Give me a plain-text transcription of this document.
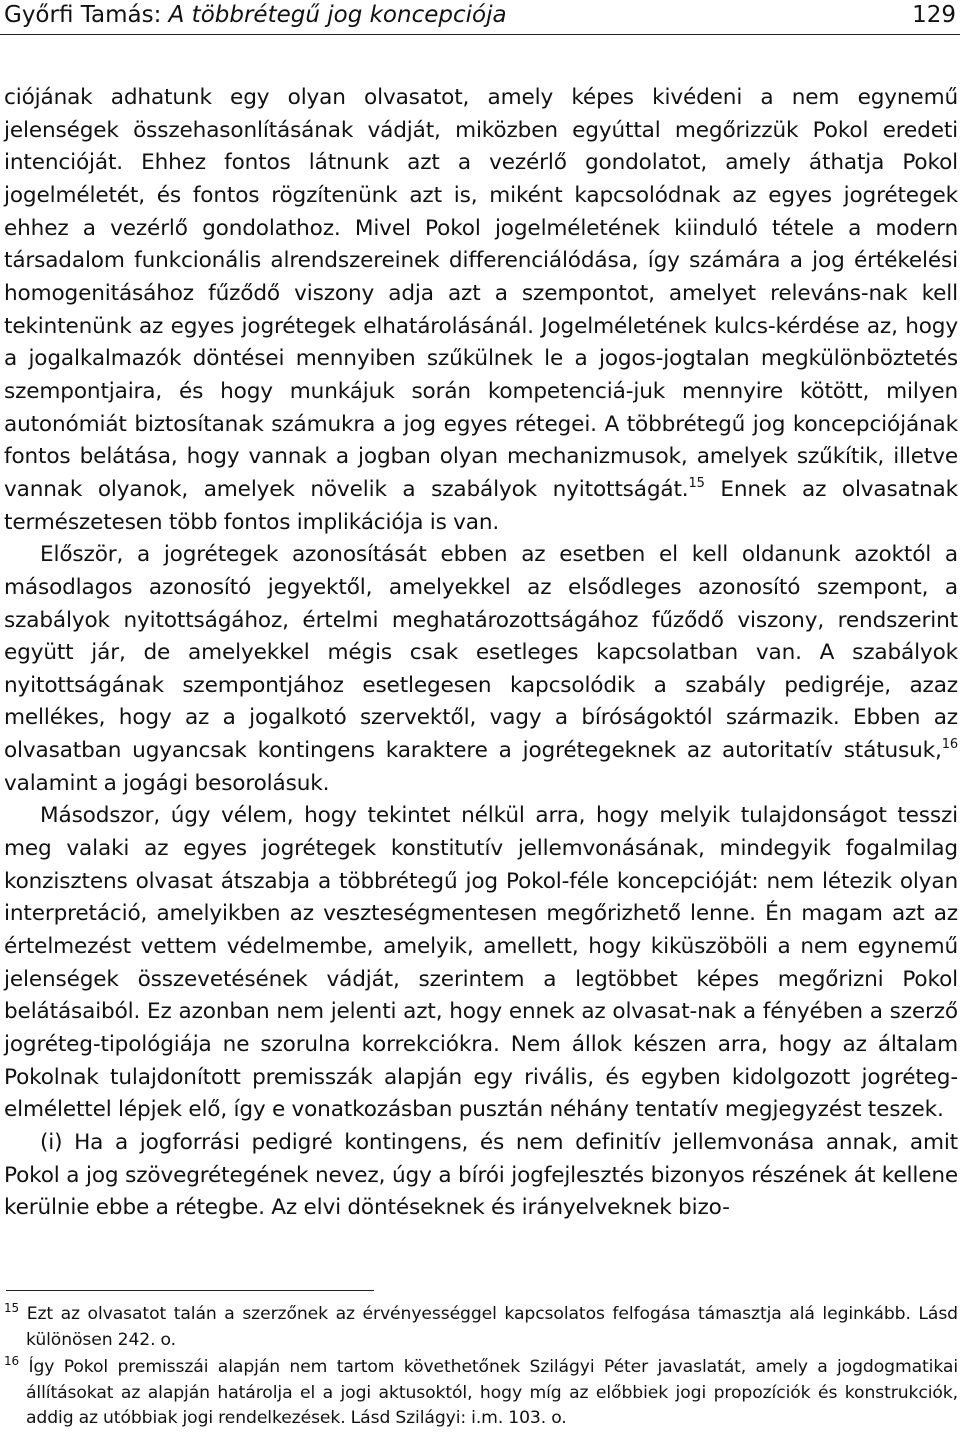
Győrfi Tamás: A többrétegű jog koncepciója	129

ciójának adhatunk egy olyan olvasatot, amely képes kivédeni a nem egynemű jelenségek összehasonlításának vádját, miközben egyúttal megőrizzük Pokol eredeti intencióját. Ehhez fontos látnunk azt a vezérlő gondolatot, amely áthatja Pokol jogelméletét, és fontos rögzítenünk azt is, miként kapcsolódnak az egyes jogrétegek ehhez a vezérlő gondolathoz. Mivel Pokol jogelméletének kiinduló tétele a modern társadalom funkcionális alrendszereinek differenciálódása, így számára a jog értékelési homogenitásához fűződő viszony adja azt a szempontot, amelyet releváns-nak kell tekintenünk az egyes jogrétegek elhatárolásánál. Jogelméletének kulcs-kérdése az, hogy a jogalkalmazók döntései mennyiben szűkülnek le a jogos-jogtalan megkülönböztetés szempontjaira, és hogy munkájuk során kompetenciá-juk mennyire kötött, milyen autonómiát biztosítanak számukra a jog egyes rétegei. A többrétegű jog koncepciójának fontos belátása, hogy vannak a jogban olyan mechanizmusok, amelyek szűkítik, illetve vannak olyanok, amelyek növelik a szabályok nyitottságát.$^{15}$ Ennek az olvasatnak természetesen több fontos implikációja is van.

Először, a jogrétegek azonosítását ebben az esetben el kell oldanunk azoktól a másodlagos azonosító jegyektől, amelyekkel az elsődleges azonosító szempont, a szabályok nyitottságához, értelmi meghatározottságához fűződő viszony, rendszerint együtt jár, de amelyekkel mégis csak esetleges kapcsolatban van. A szabályok nyitottságának szempontjához esetlegesen kapcsolódik a szabály pedigréje, azaz mellékes, hogy az a jogalkotó szervektől, vagy a bíróságoktól származik. Ebben az olvasatban ugyancsak kontingens karaktere a jogrétegeknek az autoritatív státusuk,$^{16}$ valamint a jogági besorolásuk.

Másodszor, úgy vélem, hogy tekintet nélkül arra, hogy melyik tulajdonságot tesszi meg valaki az egyes jogrétegek konstitutív jellemvonásának, mindegyik fogalmilag konzisztens olvasat átszabja a többrétegű jog Pokol-féle koncepcióját: nem létezik olyan interpretáció, amelyikben az veszteségmentesen megőrizhető lenne. Én magam azt az értelmezést vettem védelmembe, amelyik, amellett, hogy kiküszöböli a nem egynemű jelenségek összevetésének vádját, szerintem a legtöbbet képes megőrizni Pokol belátásaiból. Ez azonban nem jelenti azt, hogy ennek az olvasat-nak a fényében a szerző jogréteg-tipológiája ne szorulna korrekciókra. Nem állok készen arra, hogy az általam Pokolnak tulajdonított premisszák alapján egy rivális, és egyben kidolgozott jogréteg-elmélettel lépjek elő, így e vonatkozásban pusztán néhány tentatív megjegyzést teszek.

(i) Ha a jogforrási pedigré kontingens, és nem definitív jellemvonása annak, amit Pokol a jog szövegrétegének nevez, úgy a bírói jogfejlesztés bizonyos részének át kellene kerülnie ebbe a rétegbe. Az elvi döntéseknek és irányelveknek bizo-

$^{15}$ Ezt az olvasatot talán a szerzőnek az érvényességgel kapcsolatos felfogása támasztja alá leginkább. Lásd különösen 242. o.

$^{16}$ Így Pokol premisszái alapján nem tartom követhetőnek Szilágyi Péter javaslatát, amely a jogdogmatikai állításokat az alapján határolja el a jogi aktusoktól, hogy míg az előbbiek jogi propozíciók és konstrukciók, addig az utóbbiak jogi rendelkezések. Lásd Szilágyi: i.m. 103. o.
